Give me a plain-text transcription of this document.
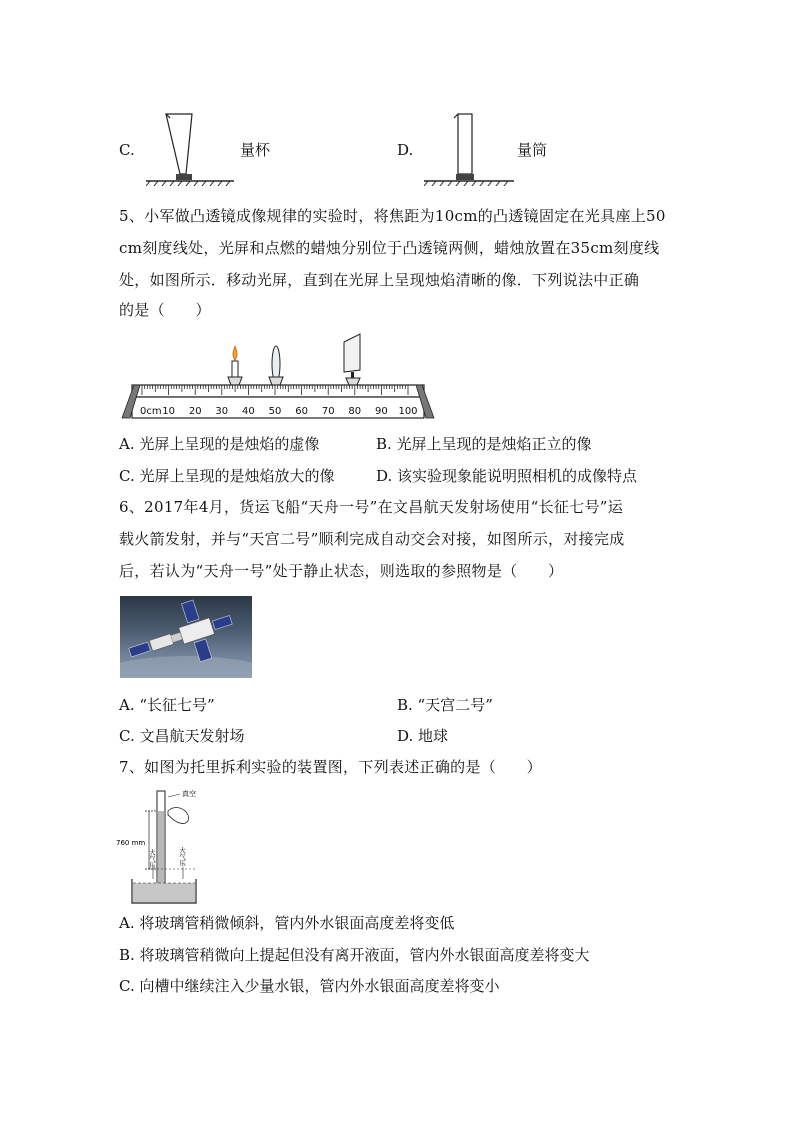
C.	量杯	D.	量筒
5、小军做凸透镜成像规律的实验时，将焦距为10cm的凸透镜固定在光具座上50
cm刻度线处，光屏和点燃的蜡烛分别位于凸透镜两侧，蜡烛放置在35cm刻度线
处，如图所示．移动光屏，直到在光屏上呈现烛焰清晰的像．下列说法中正确
的是（　　）
0cm 10 20 30 40 50 60 70 80 90 100
A. 光屏上呈现的是烛焰的虚像	B. 光屏上呈现的是烛焰正立的像
C. 光屏上呈现的是烛焰放大的像	D. 该实验现象能说明照相机的成像特点
6、2017年4月，货运飞船“天舟一号”在文昌航天发射场使用“长征七号”运
载火箭发射，并与“天宫二号”顺利完成自动交会对接，如图所示，对接完成
后，若认为“天舟一号”处于静止状态，则选取的参照物是（　　）
A. “长征七号”	B. “天宫二号”
C. 文昌航天发射场	D. 地球
7、如图为托里拆利实验的装置图，下列表述正确的是（　　）
真空
760 mm
大气压	大气压
A. 将玻璃管稍微倾斜，管内外水银面高度差将变低
B. 将玻璃管稍微向上提起但没有离开液面，管内外水银面高度差将变大
C. 向槽中继续注入少量水银，管内外水银面高度差将变小
